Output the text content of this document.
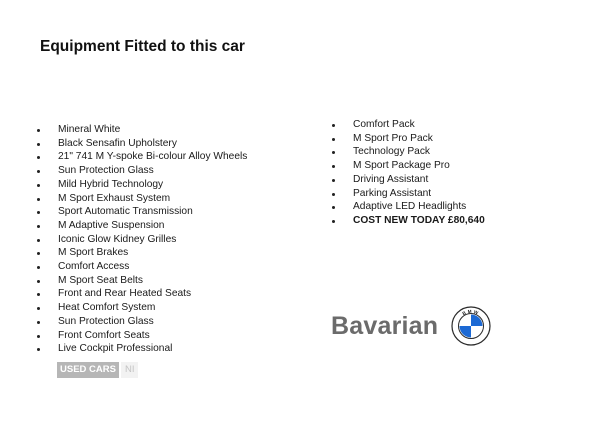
Equipment Fitted to this car
Mineral White
Black Sensafin Upholstery
21" 741 M Y-spoke Bi-colour Alloy Wheels
Sun Protection Glass
Mild Hybrid Technology
M Sport Exhaust System
Sport Automatic Transmission
M Adaptive Suspension
Iconic Glow Kidney Grilles
M Sport Brakes
Comfort Access
M Sport Seat Belts
Front and Rear Heated Seats
Heat Comfort System
Sun Protection Glass
Front Comfort Seats
Live Cockpit Professional
Comfort Pack
M Sport Pro Pack
Technology Pack
M Sport Package Pro
Driving Assistant
Parking Assistant
Adaptive LED Headlights
COST NEW TODAY £80,640
USED CARS NI
Bavarian	BMW
